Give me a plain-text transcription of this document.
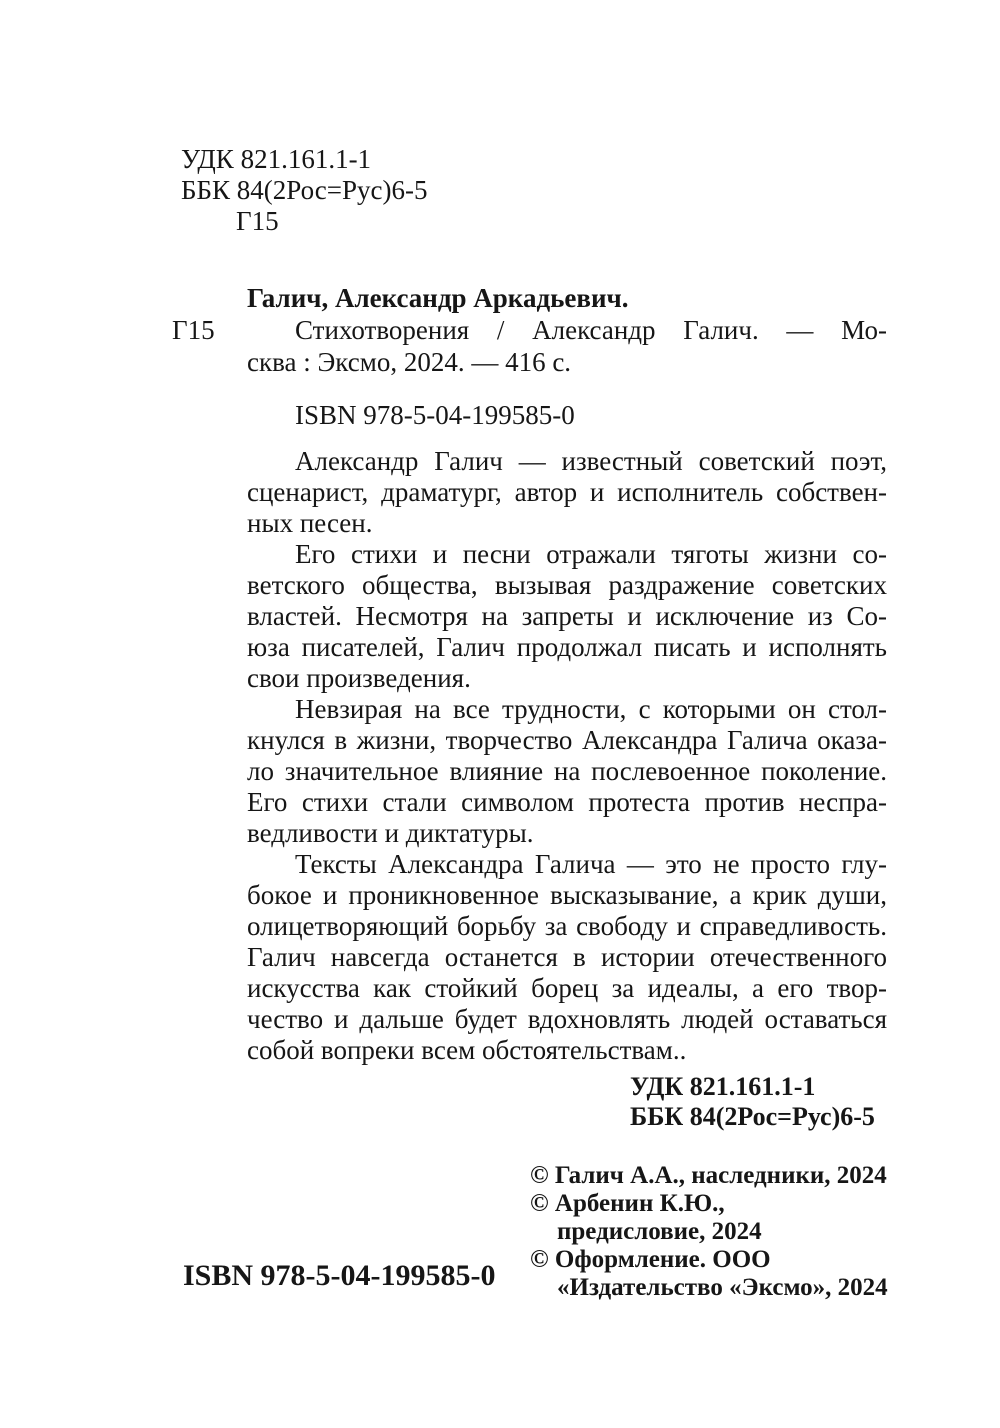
УДК 821.161.1-1
ББК 84(2Рос=Рус)6-5
Г15
Г15
Галич, Александр Аркадьевич.
Стихотворения / Александр Галич. — Мо-
сква : Эксмо, 2024. — 416 с.
ISBN 978-5-04-199585-0
Александр Галич — известный советский поэт,
сценарист, драматург, автор и исполнитель собствен-
ных песен.
Его стихи и песни отражали тяготы жизни со-
ветского общества, вызывая раздражение советских
властей. Несмотря на запреты и исключение из Со-
юза писателей, Галич продолжал писать и исполнять
свои произведения.
Невзирая на все трудности, с которыми он стол-
кнулся в жизни, творчество Александра Галича оказа-
ло значительное влияние на послевоенное поколение.
Его стихи стали символом протеста против неспра-
ведливости и диктатуры.
Тексты Александра Галича — это не просто глу-
бокое и проникновенное высказывание, а крик души,
олицетворяющий борьбу за свободу и справедливость.
Галич навсегда останется в истории отечественного
искусства как стойкий борец за идеалы, а его твор-
чество и дальше будет вдохновлять людей оставаться
собой вопреки всем обстоятельствам..
УДК 821.161.1-1
ББК 84(2Рос=Рус)6-5
© Галич А.А., наследники, 2024
© Арбенин К.Ю.,
предисловие, 2024
© Оформление. ООО
«Издательство «Эксмо», 2024
ISBN 978-5-04-199585-0
